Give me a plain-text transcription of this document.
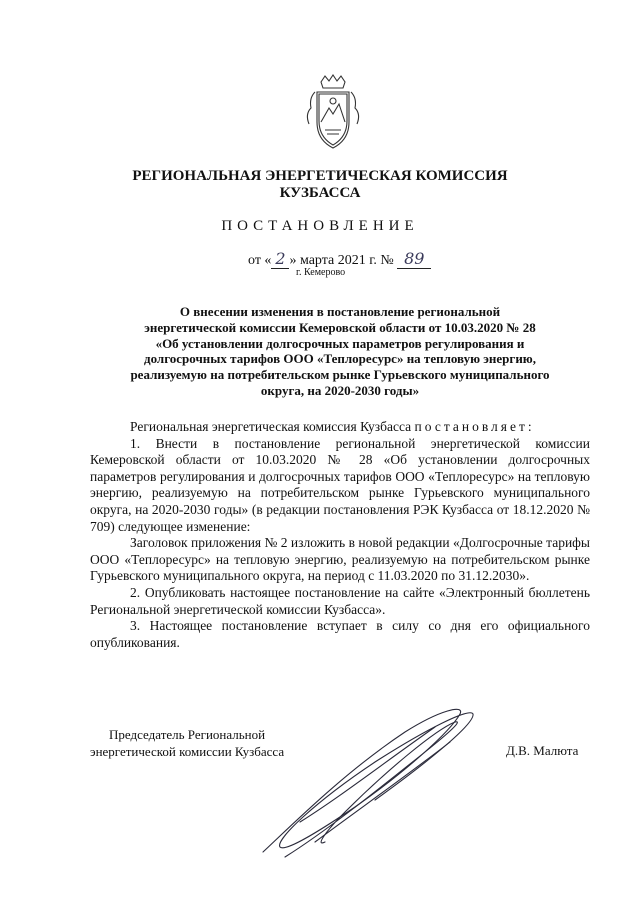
РЕГИОНАЛЬНАЯ ЭНЕРГЕТИЧЕСКАЯ КОМИССИЯ
КУЗБАССА
ПОСТАНОВЛЕНИЕ
от « 2 » марта 2021 г. № 89
г. Кемерово
О внесении изменения в постановление региональной
энергетической комиссии Кемеровской области от 10.03.2020 № 28
«Об установлении долгосрочных параметров регулирования и
долгосрочных тарифов ООО «Теплоресурс» на тепловую энергию,
реализуемую на потребительском рынке Гурьевского муниципального
округа, на 2020-2030 годы»

Региональная энергетическая комиссия Кузбасса постановляет:

1. Внести в постановление региональной энергетической комиссии Кемеровской области от 10.03.2020 № 28 «Об установлении долгосрочных параметров регулирования и долгосрочных тарифов ООО «Теплоресурс» на тепловую энергию, реализуемую на потребительском рынке Гурьевского муниципального округа, на 2020-2030 годы» (в редакции постановления РЭК Кузбасса от 18.12.2020 № 709) следующее изменение:

Заголовок приложения № 2 изложить в новой редакции «Долгосрочные тарифы ООО «Теплоресурс» на тепловую энергию, реализуемую на потребительском рынке Гурьевского муниципального округа, на период с 11.03.2020 по 31.12.2030».

2. Опубликовать настоящее постановление на сайте «Электронный бюллетень Региональной энергетической комиссии Кузбасса».

3. Настоящее постановление вступает в силу со дня его официального опубликования.

Председатель Региональной
энергетической комиссии Кузбасса	Д.В. Малюта
